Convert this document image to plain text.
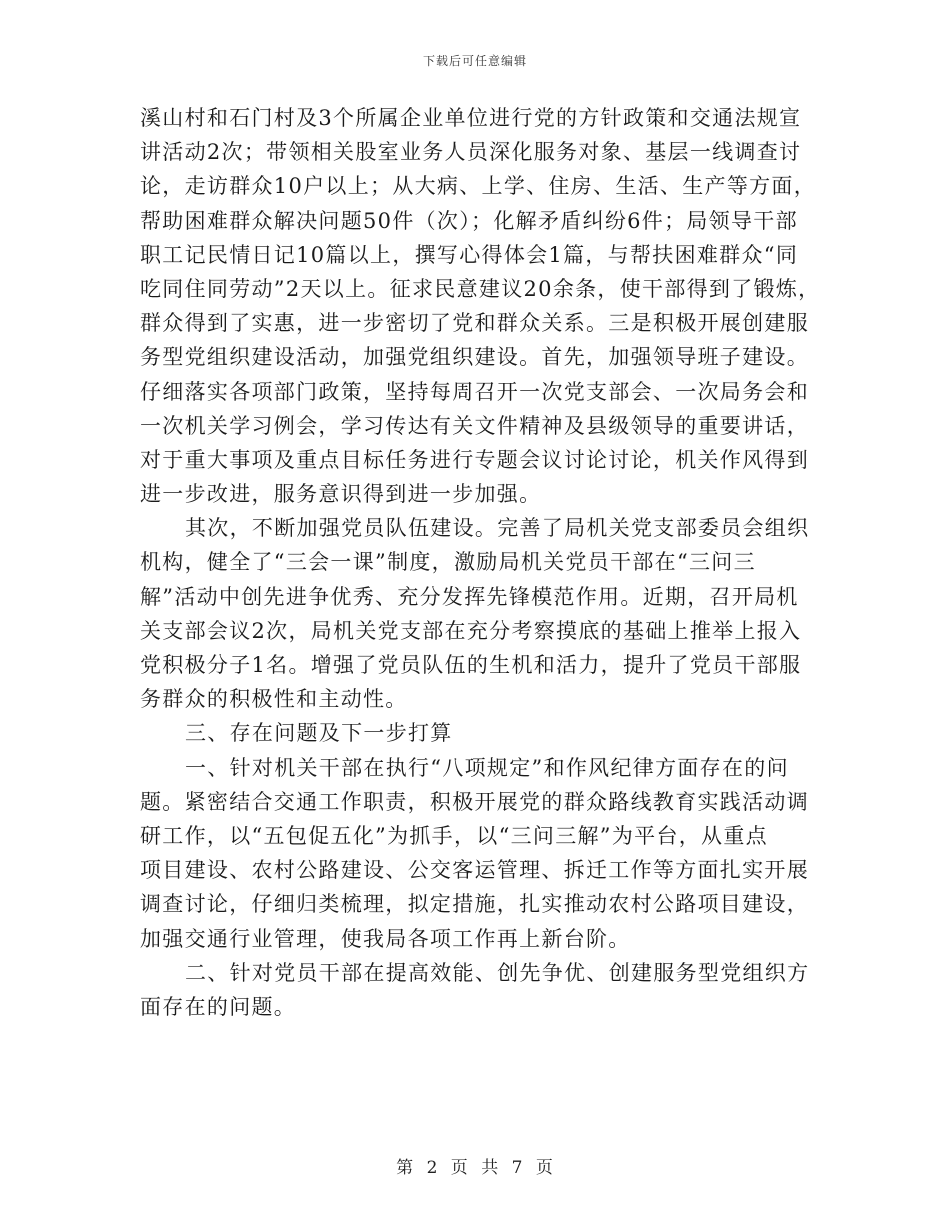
下载后可任意编辑
溪山村和石门村及3个所属企业单位进行党的方针政策和交通法规宣
讲活动2次；带领相关股室业务人员深化服务对象、基层一线调查讨
论，走访群众10户以上；从大病、上学、住房、生活、生产等方面，
帮助困难群众解决问题50件（次）；化解矛盾纠纷6件；局领导干部
职工记民情日记10篇以上，撰写心得体会1篇，与帮扶困难群众“同
吃同住同劳动”2天以上。征求民意建议20余条，使干部得到了锻炼，
群众得到了实惠，进一步密切了党和群众关系。三是积极开展创建服
务型党组织建设活动，加强党组织建设。首先，加强领导班子建设。
仔细落实各项部门政策，坚持每周召开一次党支部会、一次局务会和
一次机关学习例会，学习传达有关文件精神及县级领导的重要讲话，
对于重大事项及重点目标任务进行专题会议讨论讨论，机关作风得到
进一步改进，服务意识得到进一步加强。
其次，不断加强党员队伍建设。完善了局机关党支部委员会组织
机构，健全了“三会一课”制度，激励局机关党员干部在“三问三
解”活动中创先进争优秀、充分发挥先锋模范作用。近期，召开局机
关支部会议2次，局机关党支部在充分考察摸底的基础上推举上报入
党积极分子1名。增强了党员队伍的生机和活力，提升了党员干部服
务群众的积极性和主动性。
三、存在问题及下一步打算
一、针对机关干部在执行“八项规定”和作风纪律方面存在的问
题。紧密结合交通工作职责，积极开展党的群众路线教育实践活动调
研工作，以“五包促五化”为抓手，以“三问三解”为平台，从重点
项目建设、农村公路建设、公交客运管理、拆迁工作等方面扎实开展
调查讨论，仔细归类梳理，拟定措施，扎实推动农村公路项目建设，
加强交通行业管理，使我局各项工作再上新台阶。
二、针对党员干部在提高效能、创先争优、创建服务型党组织方
面存在的问题。
第 2 页 共 7 页
